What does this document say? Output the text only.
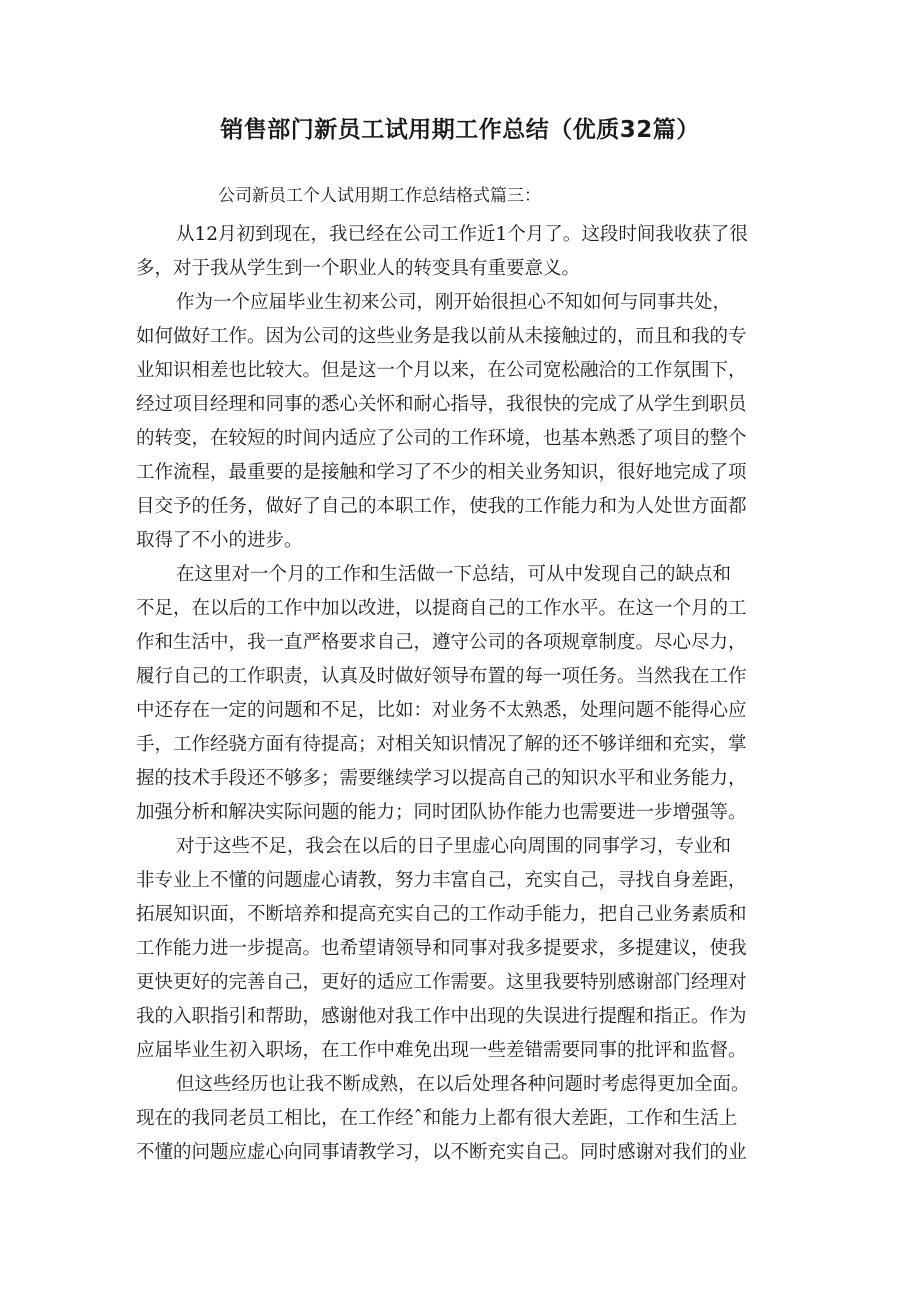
销售部门新员工试用期工作总结（优质32篇）

公司新员工个人试用期工作总结格式篇三：

从12月初到现在，我已经在公司工作近1个月了。这段时间我收获了很
多，对于我从学生到一个职业人的转变具有重要意义。

作为一个应届毕业生初来公司，刚开始很担心不知如何与同事共处，
如何做好工作。因为公司的这些业务是我以前从未接触过的，而且和我的专
业知识相差也比较大。但是这一个月以来，在公司宽松融洽的工作氛围下，
经过项目经理和同事的悉心关怀和耐心指导，我很快的完成了从学生到职员
的转变，在较短的时间内适应了公司的工作环境，也基本熟悉了项目的整个
工作流程，最重要的是接触和学习了不少的相关业务知识，很好地完成了项
目交予的任务，做好了自己的本职工作，使我的工作能力和为人处世方面都
取得了不小的进步。

在这里对一个月的工作和生活做一下总结，可从中发现自己的缺点和
不足，在以后的工作中加以改进，以提商自己的工作水平。在这一个月的工
作和生活中，我一直严格要求自己，遵守公司的各项规章制度。尽心尽力，
履行自己的工作职责，认真及时做好领导布置的每一项任务。当然我在工作
中还存在一定的问题和不足，比如：对业务不太熟悉，处理问题不能得心应
手，工作经骁方面有待提高；对相关知识情况了解的还不够详细和充实，掌
握的技术手段还不够多；需要继续学习以提高自己的知识水平和业务能力，
加强分析和解决实际问题的能力；同时团队协作能力也需要进一步增强等。

对于这些不足，我会在以后的日子里虚心向周围的同事学习，专业和
非专业上不懂的问题虚心请教，努力丰富自己，充实自己，寻找自身差距，
拓展知识面，不断培养和提高充实自己的工作动手能力，把自己业务素质和
工作能力进一步提高。也希望请领导和同事对我多提要求，多提建议，使我
更快更好的完善自己，更好的适应工作需要。这里我要特别感谢部门经理对
我的入职指引和帮助，感谢他对我工作中出现的失误进行提醒和指正。作为
应届毕业生初入职场，在工作中难免出现一些差错需要同事的批评和监督。

但这些经历也让我不断成熟，在以后处理各种问题时考虑得更加全面。
现在的我同老员工相比，在工作经ˆ和能力上都有很大差距，工作和生活上
不懂的问题应虚心向同事请教学习，以不断充实自己。同时感谢对我们的业
